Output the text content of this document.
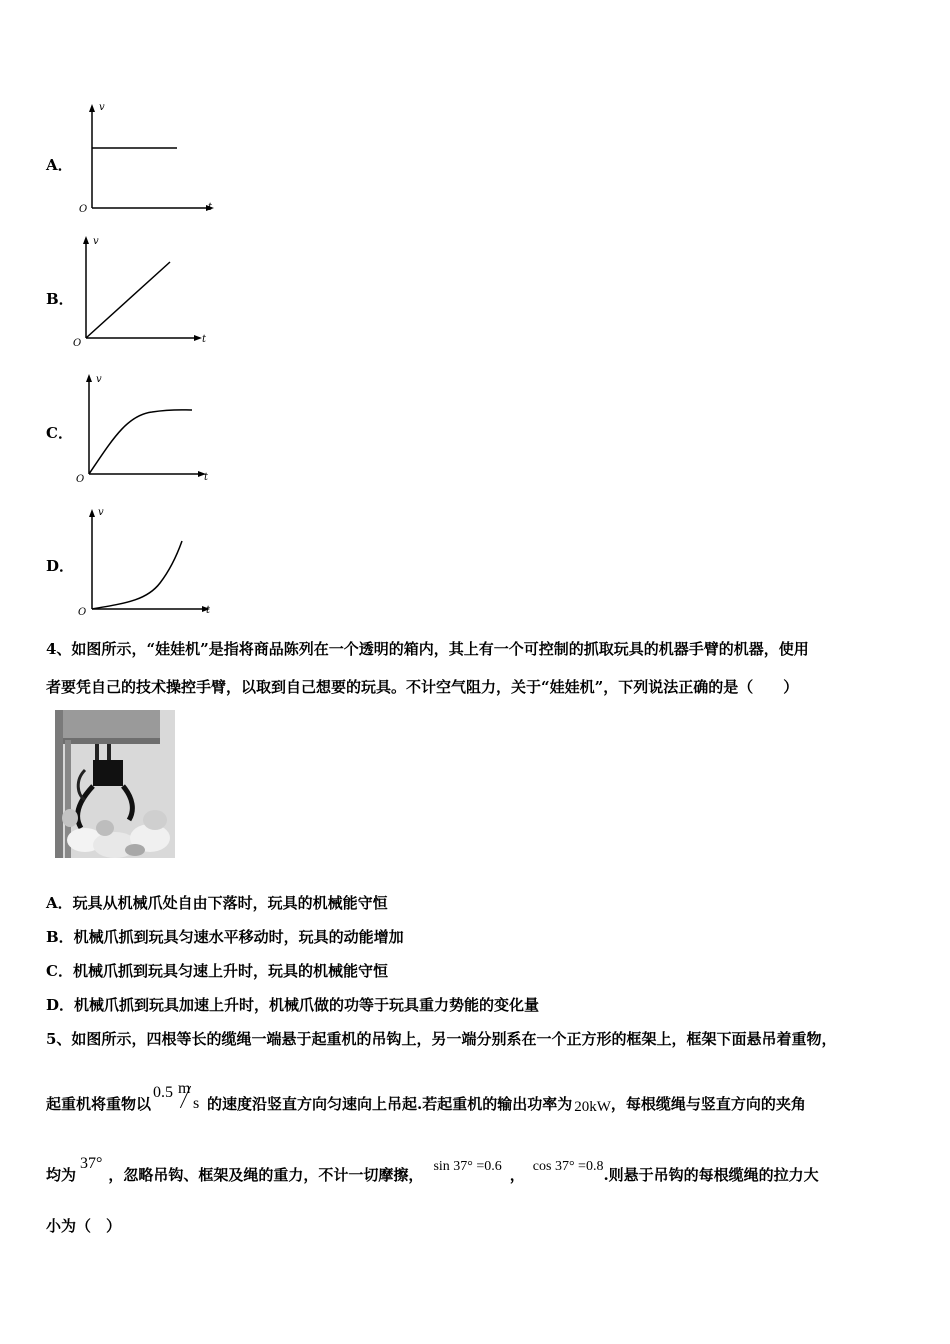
A．
v
t
O
B．
v
t
O
C．
v
t
O
D．
v
t
O
4、如图所示，“娃娃机”是指将商品陈列在一个透明的箱内，其上有一个可控制的抓取玩具的机器手臂的机器，使用
者要凭自己的技术操控手臂，以取到自己想要的玩具。不计空气阻力，关于“娃娃机”，下列说法正确的是（　　）
A．玩具从机械爪处自由下落时，玩具的机械能守恒
B．机械爪抓到玩具匀速水平移动时，玩具的动能增加
C．机械爪抓到玩具匀速上升时，玩具的机械能守恒
D．机械爪抓到玩具加速上升时，机械爪做的功等于玩具重力势能的变化量
5、如图所示，四根等长的缆绳一端悬于起重机的吊钩上，另一端分别系在一个正方形的框架上，框架下面悬吊着重物，
起重机将重物以
0.5 m
s 的速度沿竖直方向匀速向上吊起.若起重机的输出功率为 20kW，每根缆绳与竖直方向的夹角
均为37°，忽略吊钩、框架及绳的重力，不计一切摩擦， sin 37° =0.6 ， cos 37° =0.8.则悬于吊钩的每根缆绳的拉力大
小为（　）
